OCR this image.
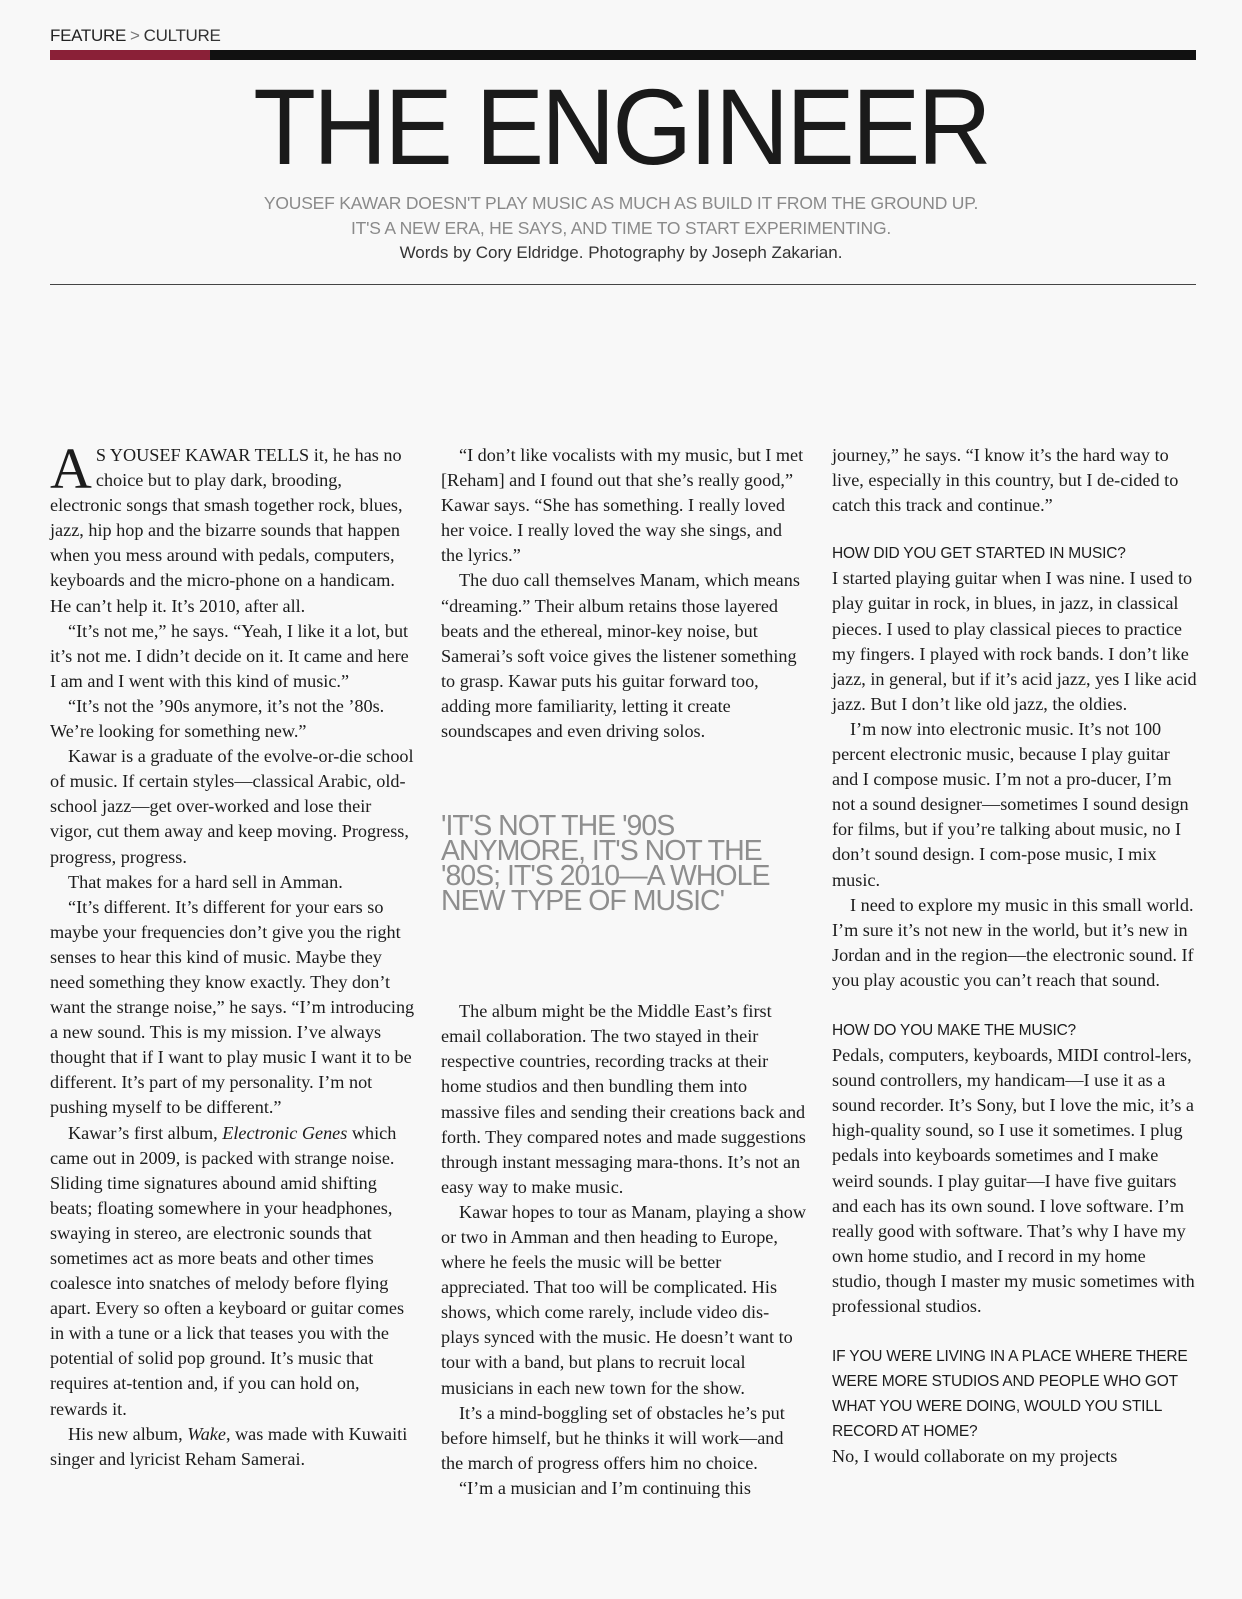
FEATURE > CULTURE
THE ENGINEER
YOUSEF KAWAR DOESN'T PLAY MUSIC AS MUCH AS BUILD IT FROM THE GROUND UP.
IT'S A NEW ERA, HE SAYS, AND TIME TO START EXPERIMENTING.
Words by Cory Eldridge. Photography by Joseph Zakarian.

AS YOUSEF KAWAR TELLS it, he has no choice but to play dark, brooding, electronic songs that smash together rock, blues, jazz, hip hop and the bizarre sounds that happen when you mess around with pedals, computers, keyboards and the micro-phone on a handicam. He can’t help it. It’s 2010, after all.

“It’s not me,” he says. “Yeah, I like it a lot, but it’s not me. I didn’t decide on it. It came and here I am and I went with this kind of music.”

“It’s not the ’90s anymore, it’s not the ’80s. We’re looking for something new.”

Kawar is a graduate of the evolve-or-die school of music. If certain styles—classical Arabic, old-school jazz—get over-worked and lose their vigor, cut them away and keep moving. Progress, progress, progress.

That makes for a hard sell in Amman.

“It’s different. It’s different for your ears so maybe your frequencies don’t give you the right senses to hear this kind of music. Maybe they need something they know exactly. They don’t want the strange noise,” he says. “I’m introducing a new sound. This is my mission. I’ve always thought that if I want to play music I want it to be different. It’s part of my personality. I’m not pushing myself to be different.”

Kawar’s first album, Electronic Genes which came out in 2009, is packed with strange noise. Sliding time signatures abound amid shifting beats; floating somewhere in your headphones, swaying in stereo, are electronic sounds that sometimes act as more beats and other times coalesce into snatches of melody before flying apart. Every so often a keyboard or guitar comes in with a tune or a lick that teases you with the potential of solid pop ground. It’s music that requires at-tention and, if you can hold on, rewards it.

His new album, Wake, was made with Kuwaiti singer and lyricist Reham Samerai.

“I don’t like vocalists with my music, but I met [Reham] and I found out that she’s really good,” Kawar says. “She has something. I really loved her voice. I really loved the way she sings, and the lyrics.”

The duo call themselves Manam, which means “dreaming.” Their album retains those layered beats and the ethereal, minor-key noise, but Samerai’s soft voice gives the listener something to grasp. Kawar puts his guitar forward too, adding more familiarity, letting it create soundscapes and even driving solos.

'IT'S NOT THE '90S ANYMORE, IT'S NOT THE '80S; IT'S 2010—A WHOLE NEW TYPE OF MUSIC'

The album might be the Middle East’s first email collaboration. The two stayed in their respective countries, recording tracks at their home studios and then bundling them into massive files and sending their creations back and forth. They compared notes and made suggestions through instant messaging mara-thons. It’s not an easy way to make music.

Kawar hopes to tour as Manam, playing a show or two in Amman and then heading to Europe, where he feels the music will be better appreciated. That too will be complicated. His shows, which come rarely, include video dis-plays synced with the music. He doesn’t want to tour with a band, but plans to recruit local musicians in each new town for the show.

It’s a mind-boggling set of obstacles he’s put before himself, but he thinks it will work—and the march of progress offers him no choice.

“I’m a musician and I’m continuing this

journey,” he says. “I know it’s the hard way to live, especially in this country, but I de-cided to catch this track and continue.”

HOW DID YOU GET STARTED IN MUSIC?

I started playing guitar when I was nine. I used to play guitar in rock, in blues, in jazz, in classical pieces. I used to play classical pieces to practice my fingers. I played with rock bands. I don’t like jazz, in general, but if it’s acid jazz, yes I like acid jazz. But I don’t like old jazz, the oldies.

I’m now into electronic music. It’s not 100 percent electronic music, because I play guitar and I compose music. I’m not a pro-ducer, I’m not a sound designer—sometimes I sound design for films, but if you’re talking about music, no I don’t sound design. I com-pose music, I mix music.

I need to explore my music in this small world. I’m sure it’s not new in the world, but it’s new in Jordan and in the region—the electronic sound. If you play acoustic you can’t reach that sound.

HOW DO YOU MAKE THE MUSIC?

Pedals, computers, keyboards, MIDI control-lers, sound controllers, my handicam—I use it as a sound recorder. It’s Sony, but I love the mic, it’s a high-quality sound, so I use it sometimes. I plug pedals into keyboards sometimes and I make weird sounds. I play guitar—I have five guitars and each has its own sound. I love software. I’m really good with software. That’s why I have my own home studio, and I record in my home studio, though I master my music sometimes with professional studios.

IF YOU WERE LIVING IN A PLACE WHERE THERE WERE MORE STUDIOS AND PEOPLE WHO GOT WHAT YOU WERE DOING, WOULD YOU STILL RECORD AT HOME?

No, I would collaborate on my projects
